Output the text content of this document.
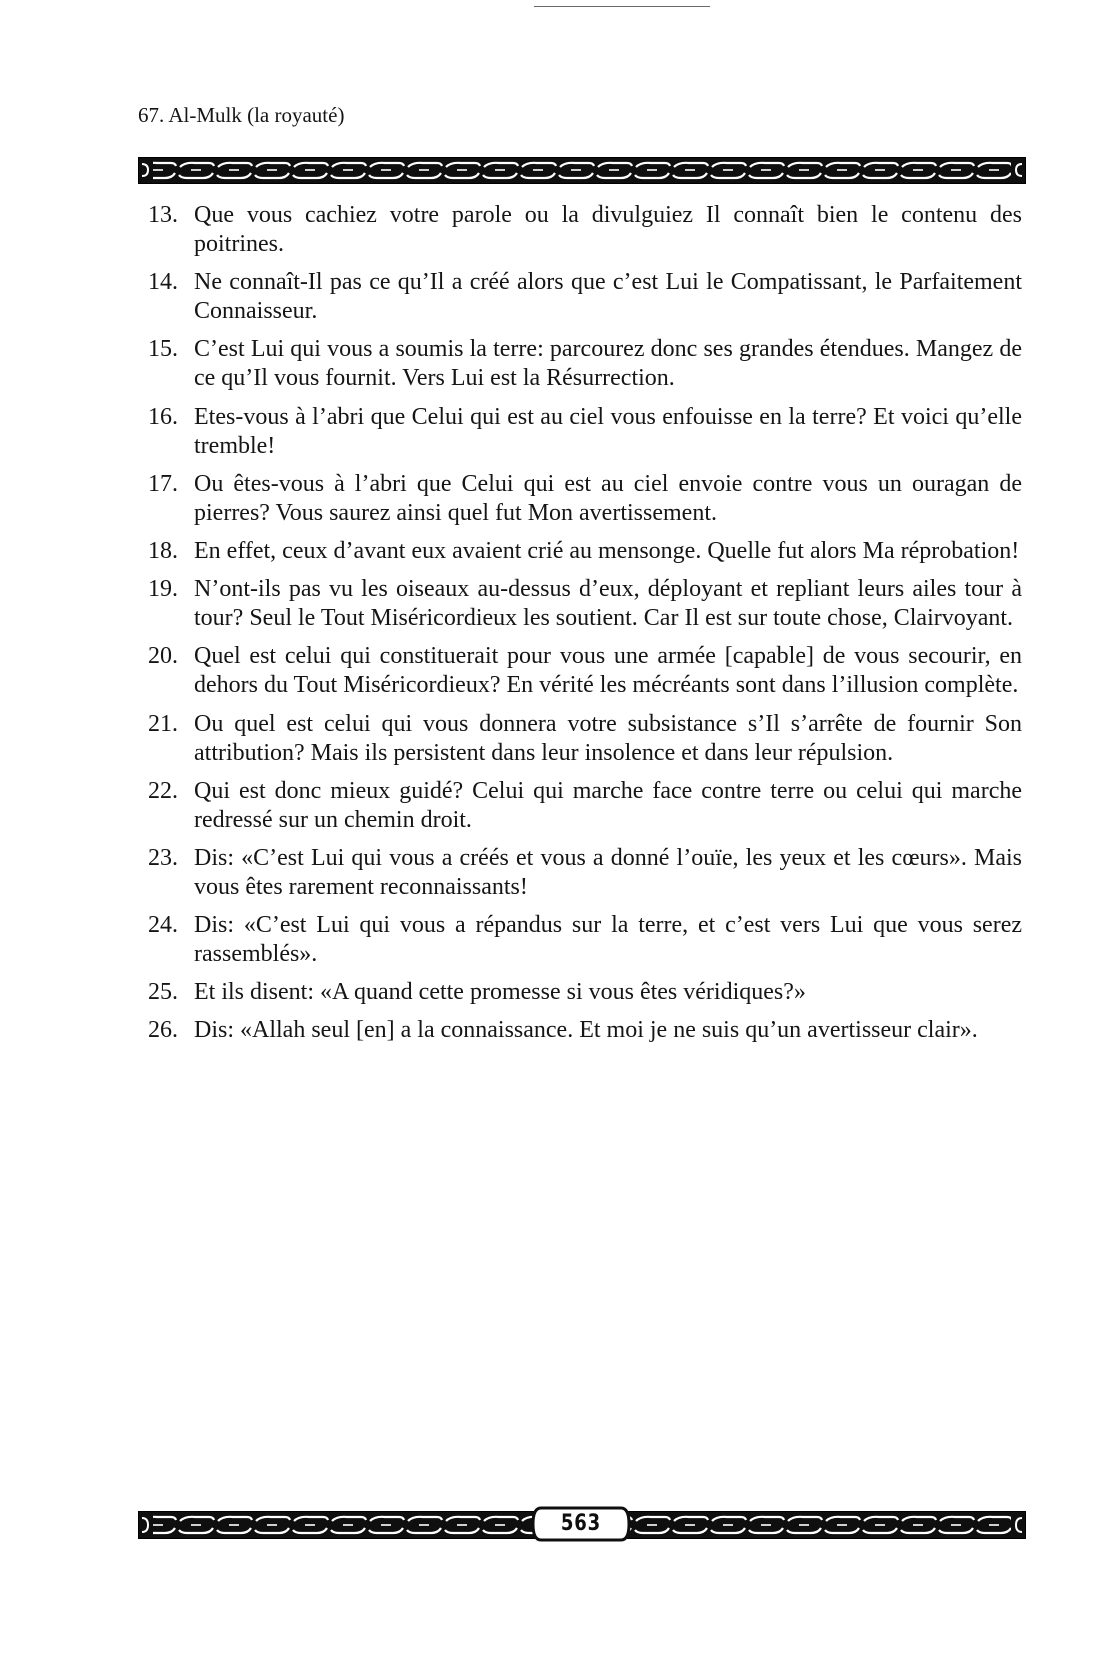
67. Al-Mulk (la royauté)
13. Que vous cachiez votre parole ou la divulguiez Il connaît bien le contenu des poitrines.
14. Ne connaît-Il pas ce qu’Il a créé alors que c’est Lui le Compatissant, le Parfaitement Connaisseur.
15. C’est Lui qui vous a soumis la terre: parcourez donc ses grandes étendues. Mangez de ce qu’Il vous fournit. Vers Lui est la Résurrection.
16. Etes-vous à l’abri que Celui qui est au ciel vous enfouisse en la terre? Et voici qu’elle tremble!
17. Ou êtes-vous à l’abri que Celui qui est au ciel envoie contre vous un ouragan de pierres? Vous saurez ainsi quel fut Mon avertissement.
18. En effet, ceux d’avant eux avaient crié au mensonge. Quelle fut alors Ma réprobation!
19. N’ont-ils pas vu les oiseaux au-dessus d’eux, déployant et repliant leurs ailes tour à tour? Seul le Tout Miséricordieux les soutient. Car Il est sur toute chose, Clairvoyant.
20. Quel est celui qui constituerait pour vous une armée [capable] de vous secourir, en dehors du Tout Miséricordieux? En vérité les mécréants sont dans l’illusion complète.
21. Ou quel est celui qui vous donnera votre subsistance s’Il s’arrête de fournir Son attribution? Mais ils persistent dans leur insolence et dans leur répulsion.
22. Qui est donc mieux guidé? Celui qui marche face contre terre ou celui qui marche redressé sur un chemin droit.
23. Dis: «C’est Lui qui vous a créés et vous a donné l’ouïe, les yeux et les cœurs». Mais vous êtes rarement reconnaissants!
24. Dis: «C’est Lui qui vous a répandus sur la terre, et c’est vers Lui que vous serez rassemblés».
25. Et ils disent: «A quand cette promesse si vous êtes véridiques?»
26. Dis: «Allah seul [en] a la connaissance. Et moi je ne suis qu’un avertisseur clair».
563
